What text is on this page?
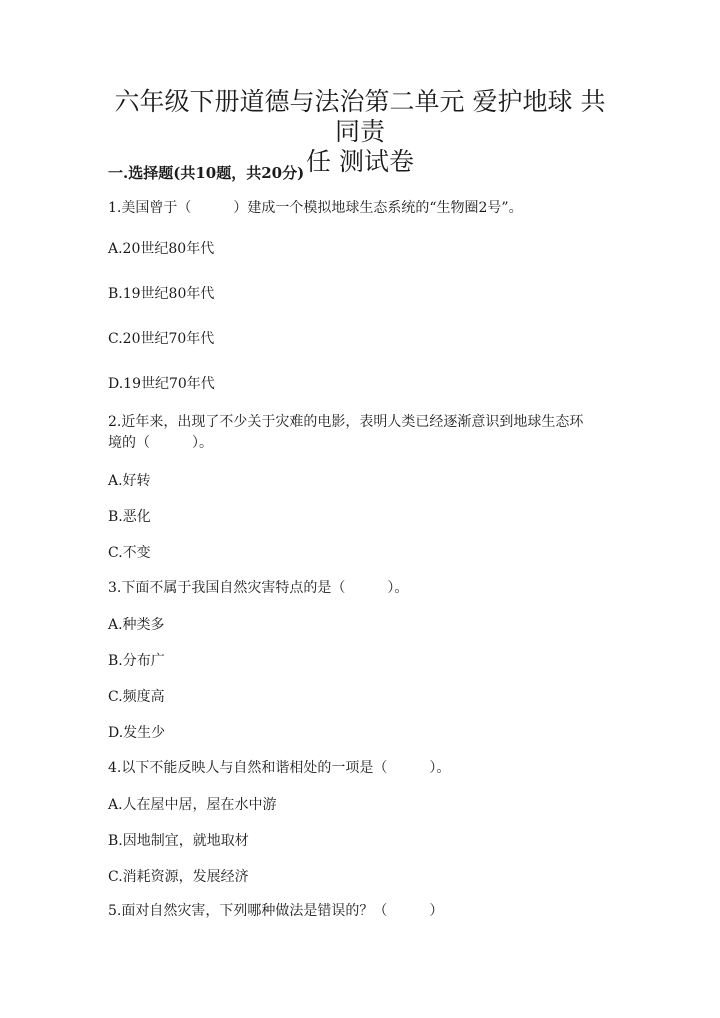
六年级下册道德与法治第二单元 爱护地球 共同责
任 测试卷
一.选择题(共10题，共20分)
1.美国曾于（　　　）建成一个模拟地球生态系统的“生物圈2号”。
A.20世纪80年代
B.19世纪80年代
C.20世纪70年代
D.19世纪70年代
2.近年来，出现了不少关于灾难的电影，表明人类已经逐渐意识到地球生态环
境的（　　　）。
A.好转
B.恶化
C.不变
3.下面不属于我国自然灾害特点的是（　　　）。
A.种类多
B.分布广
C.频度高
D.发生少
4.以下不能反映人与自然和谐相处的一项是（　　　）。
A.人在屋中居，屋在水中游
B.因地制宜，就地取材
C.消耗资源，发展经济
5.面对自然灾害，下列哪种做法是错误的？（　　　）
